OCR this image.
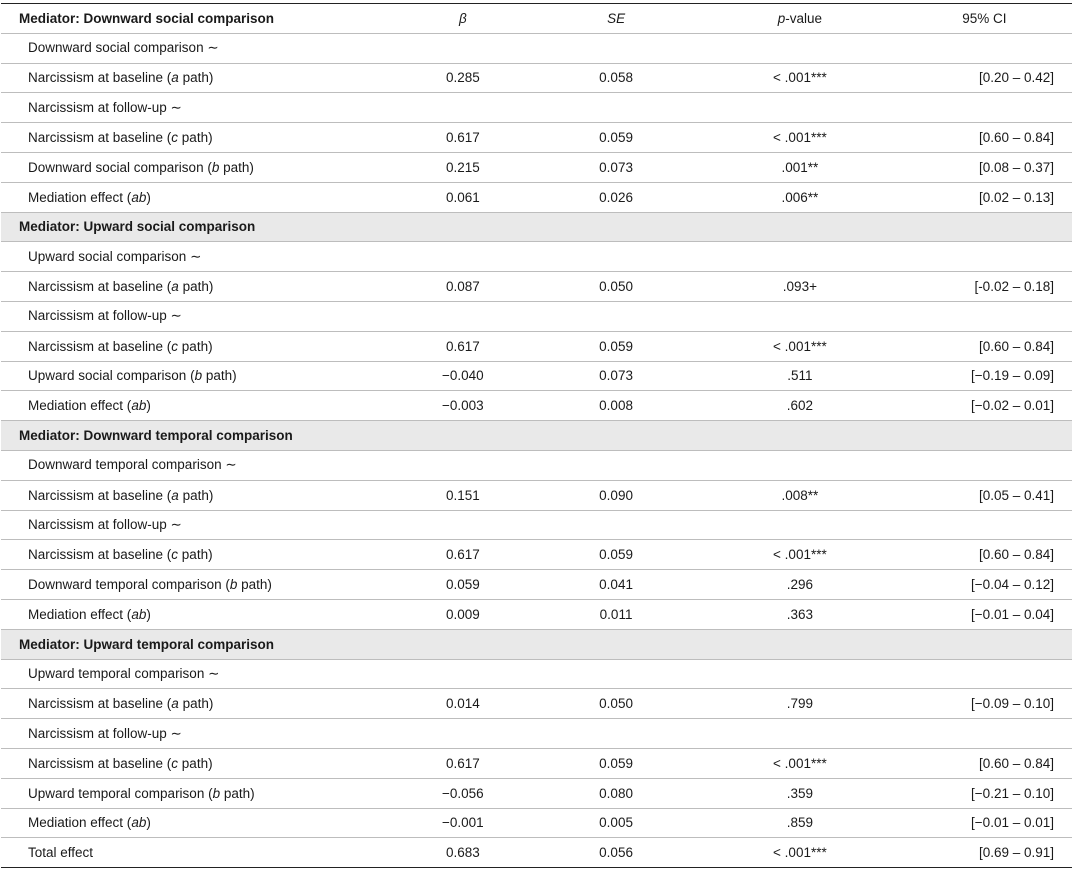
Mediator: Downward social comparison	β	SE	p-value	95% CI
Downward social comparison ∼				
Narcissism at baseline (a path)	0.285	0.058	< .001***	[0.20 – 0.42]
Narcissism at follow-up ∼				
Narcissism at baseline (c path)	0.617	0.059	< .001***	[0.60 – 0.84]
Downward social comparison (b path)	0.215	0.073	.001**	[0.08 – 0.37]
Mediation effect (ab)	0.061	0.026	.006**	[0.02 – 0.13]
Mediator: Upward social comparison				
Upward social comparison ∼				
Narcissism at baseline (a path)	0.087	0.050	.093+	[-0.02 – 0.18]
Narcissism at follow-up ∼				
Narcissism at baseline (c path)	0.617	0.059	< .001***	[0.60 – 0.84]
Upward social comparison (b path)	−0.040	0.073	.511	[−0.19 – 0.09]
Mediation effect (ab)	−0.003	0.008	.602	[−0.02 – 0.01]
Mediator: Downward temporal comparison				
Downward temporal comparison ∼				
Narcissism at baseline (a path)	0.151	0.090	.008**	[0.05 – 0.41]
Narcissism at follow-up ∼				
Narcissism at baseline (c path)	0.617	0.059	< .001***	[0.60 – 0.84]
Downward temporal comparison (b path)	0.059	0.041	.296	[−0.04 – 0.12]
Mediation effect (ab)	0.009	0.011	.363	[−0.01 – 0.04]
Mediator: Upward temporal comparison				
Upward temporal comparison ∼				
Narcissism at baseline (a path)	0.014	0.050	.799	[−0.09 – 0.10]
Narcissism at follow-up ∼				
Narcissism at baseline (c path)	0.617	0.059	< .001***	[0.60 – 0.84]
Upward temporal comparison (b path)	−0.056	0.080	.359	[−0.21 – 0.10]
Mediation effect (ab)	−0.001	0.005	.859	[−0.01 – 0.01]
Total effect	0.683	0.056	< .001***	[0.69 – 0.91]
